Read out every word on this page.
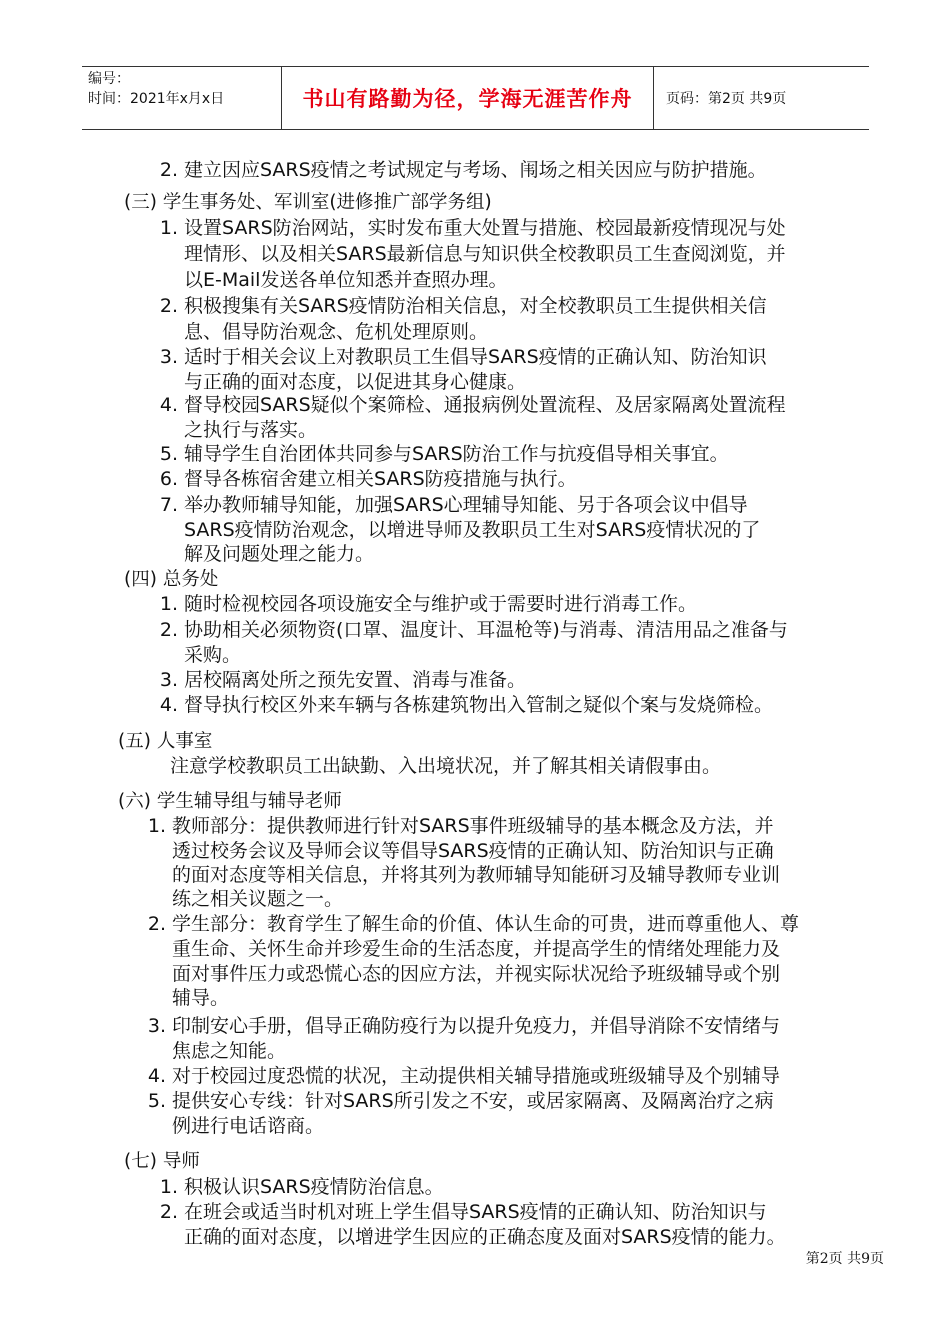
编号：
时间：2021年x月x日	书山有路勤为径，学海无涯苦作舟	页码：第2页 共9页
2. 建立因应SARS疫情之考试规定与考场、闱场之相关因应与防护措施。
(三) 学生事务处、军训室(进修推广部学务组)
1. 设置SARS防治网站，实时发布重大处置与措施、校园最新疫情现况与处
理情形、以及相关SARS最新信息与知识供全校教职员工生查阅浏览，并
以E-Mail发送各单位知悉并查照办理。
2. 积极搜集有关SARS疫情防治相关信息，对全校教职员工生提供相关信
息、倡导防治观念、危机处理原则。
3. 适时于相关会议上对教职员工生倡导SARS疫情的正确认知、防治知识
与正确的面对态度，以促进其身心健康。
4. 督导校园SARS疑似个案筛检、通报病例处置流程、及居家隔离处置流程
之执行与落实。
5. 辅导学生自治团体共同参与SARS防治工作与抗疫倡导相关事宜。
6. 督导各栋宿舍建立相关SARS防疫措施与执行。
7. 举办教师辅导知能，加强SARS心理辅导知能、另于各项会议中倡导
SARS疫情防治观念，以增进导师及教职员工生对SARS疫情状况的了
解及问题处理之能力。
(四) 总务处
1. 随时检视校园各项设施安全与维护或于需要时进行消毒工作。
2. 协助相关必须物资(口罩、温度计、耳温枪等)与消毒、清洁用品之准备与
采购。
3. 居校隔离处所之预先安置、消毒与准备。
4. 督导执行校区外来车辆与各栋建筑物出入管制之疑似个案与发烧筛检。
(五) 人事室
注意学校教职员工出缺勤、入出境状况，并了解其相关请假事由。
(六) 学生辅导组与辅导老师
1. 教师部分：提供教师进行针对SARS事件班级辅导的基本概念及方法，并
透过校务会议及导师会议等倡导SARS疫情的正确认知、防治知识与正确
的面对态度等相关信息，并将其列为教师辅导知能研习及辅导教师专业训
练之相关议题之一。
2. 学生部分：教育学生了解生命的价值、体认生命的可贵，进而尊重他人、尊
重生命、关怀生命并珍爱生命的生活态度，并提高学生的情绪处理能力及
面对事件压力或恐慌心态的因应方法，并视实际状况给予班级辅导或个别
辅导。
3. 印制安心手册，倡导正确防疫行为以提升免疫力，并倡导消除不安情绪与
焦虑之知能。
4. 对于校园过度恐慌的状况，主动提供相关辅导措施或班级辅导及个别辅导
5. 提供安心专线：针对SARS所引发之不安，或居家隔离、及隔离治疗之病
例进行电话谘商。
(七) 导师
1. 积极认识SARS疫情防治信息。
2. 在班会或适当时机对班上学生倡导SARS疫情的正确认知、防治知识与
正确的面对态度，以增进学生因应的正确态度及面对SARS疫情的能力。
第2页 共9页
